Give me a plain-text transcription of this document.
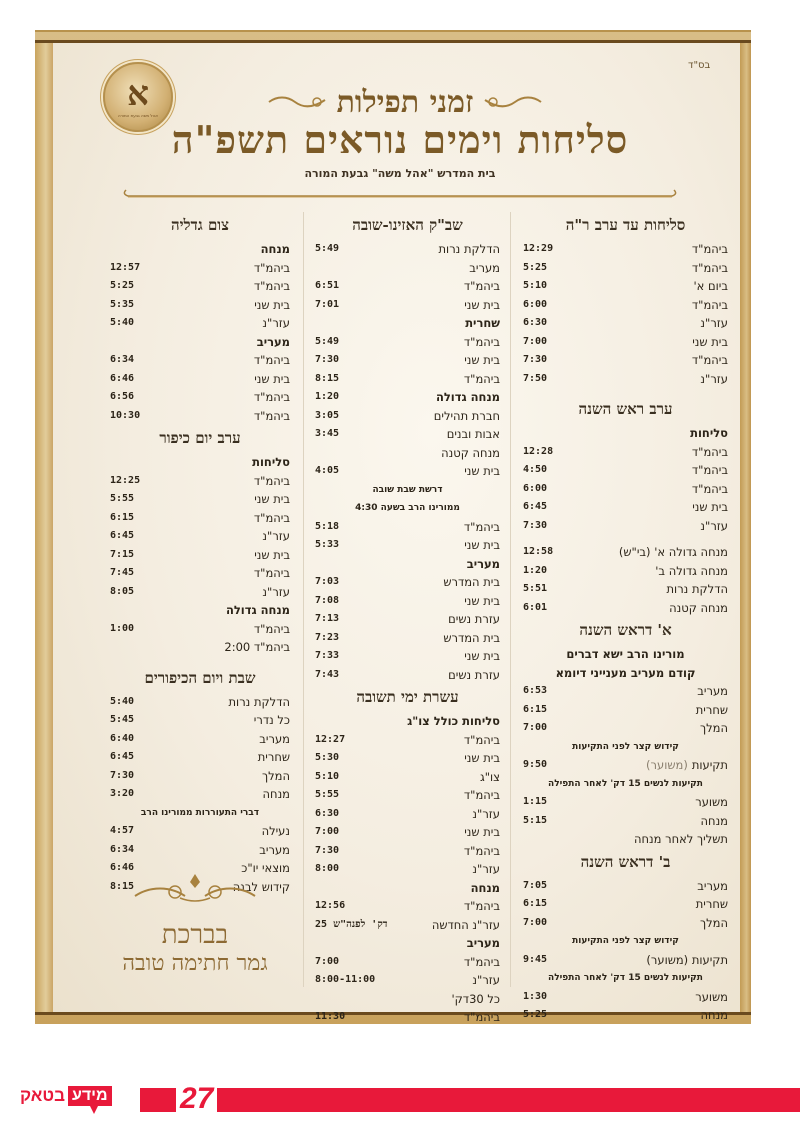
בס"ד
א
אהל משה גבעת המורה	זמני תפילות
סליחות וימים נוראים תשפ"ה
בית המדרש "אהל משה" גבעת המורה
סליחות עד ערב ר"ה
ביהמ"ד
12:29
ביהמ"ד
5:25
ביום א'
5:10
ביהמ"ד
6:00
עזר"נ
6:30
בית שני
7:00
ביהמ"ד
7:30
עזר"נ
7:50
ערב ראש השנה
סליחות
ביהמ"ד
12:28
ביהמ"ד
4:50
ביהמ"ד
6:00
בית שני
6:45
עזר"נ
7:30
מנחה גדולה א' (בי"ש)
12:58
מנחה גדולה ב'
1:20
הדלקת נרות
5:51
מנחה קטנה
6:01
א' דראש השנה
מורינו הרב ישא דברים
קודם מעריב מענייני דיומא
מעריב
6:53
שחרית
6:15
המלך
7:00
קידוש קצר לפני התקיעות
תקיעות(משוער)
9:50
תקיעות לנשים 15 דק' לאחר התפילה
משוער
1:15
מנחה
5:15
תשליך לאחר מנחה
ב' דראש השנה
מעריב
7:05
שחרית
6:15
המלך
7:00
קידוש קצר לפני התקיעות
תקיעות (משוער)
9:45
תקיעות לנשים 15 דק' לאחר התפילה
משוער
1:30
מנחה
5:25
שב"ק האזינו-שובה
הדלקת נרות
5:49
מעריב
ביהמ"ד
6:51
בית שני
7:01
שחרית
ביהמ"ד
5:49
בית שני
7:30
ביהמ"ד
8:15
מנחה גדולה
1:20
חברת תהילים
3:05
אבות ובנים
3:45
מנחה קטנה
בית שני
4:05
דרשת שבת שובה
ממורינו הרב בשעה 4:30
ביהמ"ד
5:18
בית שני
5:33
מעריב
בית המדרש
7:03
בית שני
7:08
עזרת נשים
7:13
בית המדרש
7:23
בית שני
7:33
עזרת נשים
7:43
עשרת ימי תשובה
סליחות כולל צו"ג
ביהמ"ד
12:27
בית שני
5:30
צו"ג
5:10
ביהמ"ד
5:55
עזר"נ
6:30
בית שני
7:00
ביהמ"ד
7:30
עזר"נ
8:00
מנחה
ביהמ"ד
12:56
עזר"נ החדשה
25 דק' לפנה"ש
מעריב
ביהמ"ד
7:00
עזר"נ
8:00-11:00
כל 30דק'
ביהמ"ד
11:30
צום גדליה
מנחה
ביהמ"ד
12:57
ביהמ"ד
5:25
בית שני
5:35
עזר"נ
5:40
מעריב
ביהמ"ד
6:34
בית שני
6:46
ביהמ"ד
6:56
ביהמ"ד
10:30
ערב יום כיפור
סליחות
ביהמ"ד
12:25
בית שני
5:55
ביהמ"ד
6:15
עזר"נ
6:45
בית שני
7:15
ביהמ"ד
7:45
עזר"נ
8:05
מנחה גדולה
ביהמ"ד
1:00
ביהמ"ד 2:00
שבת ויום הכיפורים
הדלקת נרות
5:40
כל נדרי
5:45
מעריב
6:40
שחרית
6:45
המלך
7:30
מנחה
3:20
דברי התעוררות ממורינו הרב
נעילה
4:57
מעריב
6:34
מוצאי יו"כ
6:46
קידוש לבנה
8:15
בברכת
גמר חתימה טובה
27
מידע
בטאק
